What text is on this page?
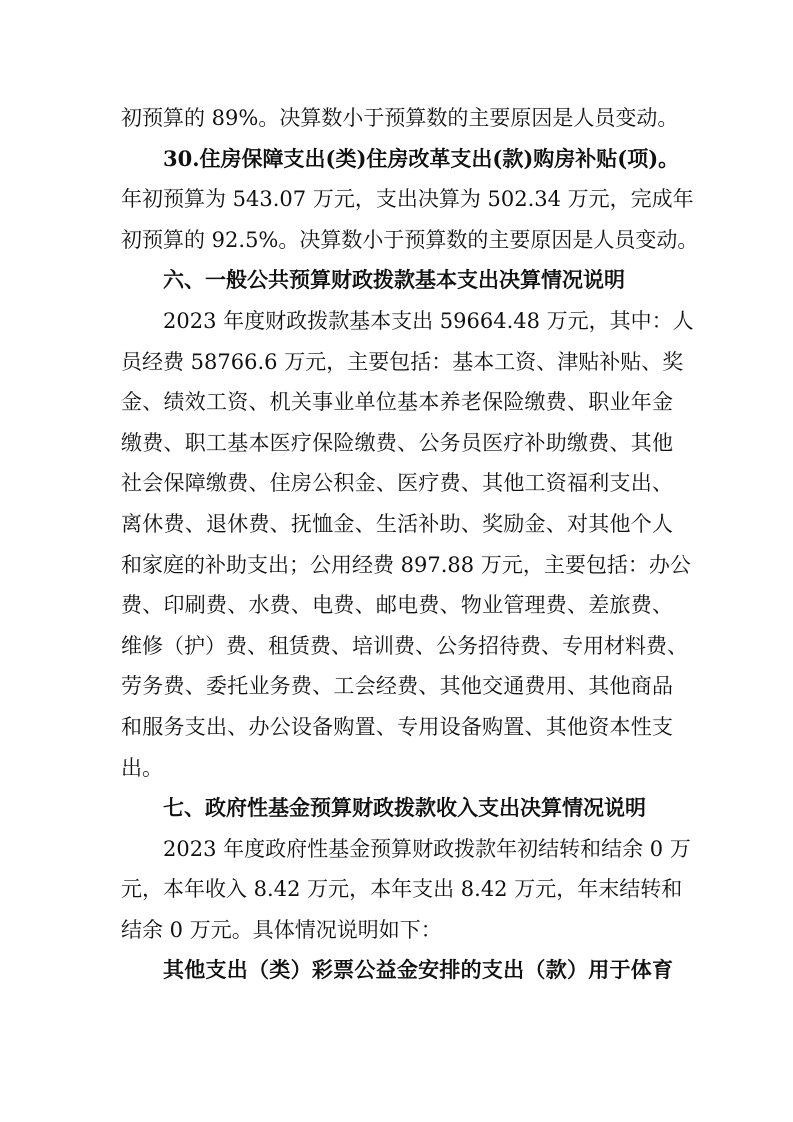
初预算的 89%。决算数小于预算数的主要原因是人员变动。
30.住房保障支出(类)住房改革支出(款)购房补贴(项)。
年初预算为 543.07 万元，支出决算为 502.34 万元，完成年
初预算的 92.5%。决算数小于预算数的主要原因是人员变动。
六、一般公共预算财政拨款基本支出决算情况说明
2023 年度财政拨款基本支出 59664.48 万元，其中：人
员经费 58766.6 万元，主要包括：基本工资、津贴补贴、奖
金、绩效工资、机关事业单位基本养老保险缴费、职业年金
缴费、职工基本医疗保险缴费、公务员医疗补助缴费、其他
社会保障缴费、住房公积金、医疗费、其他工资福利支出、
离休费、退休费、抚恤金、生活补助、奖励金、对其他个人
和家庭的补助支出；公用经费 897.88 万元，主要包括：办公
费、印刷费、水费、电费、邮电费、物业管理费、差旅费、
维修（护）费、租赁费、培训费、公务招待费、专用材料费、
劳务费、委托业务费、工会经费、其他交通费用、其他商品
和服务支出、办公设备购置、专用设备购置、其他资本性支
出。
七、政府性基金预算财政拨款收入支出决算情况说明
2023 年度政府性基金预算财政拨款年初结转和结余 0 万
元，本年收入 8.42 万元，本年支出 8.42 万元，年末结转和
结余 0 万元。具体情况说明如下：
其他支出（类）彩票公益金安排的支出（款）用于体育
